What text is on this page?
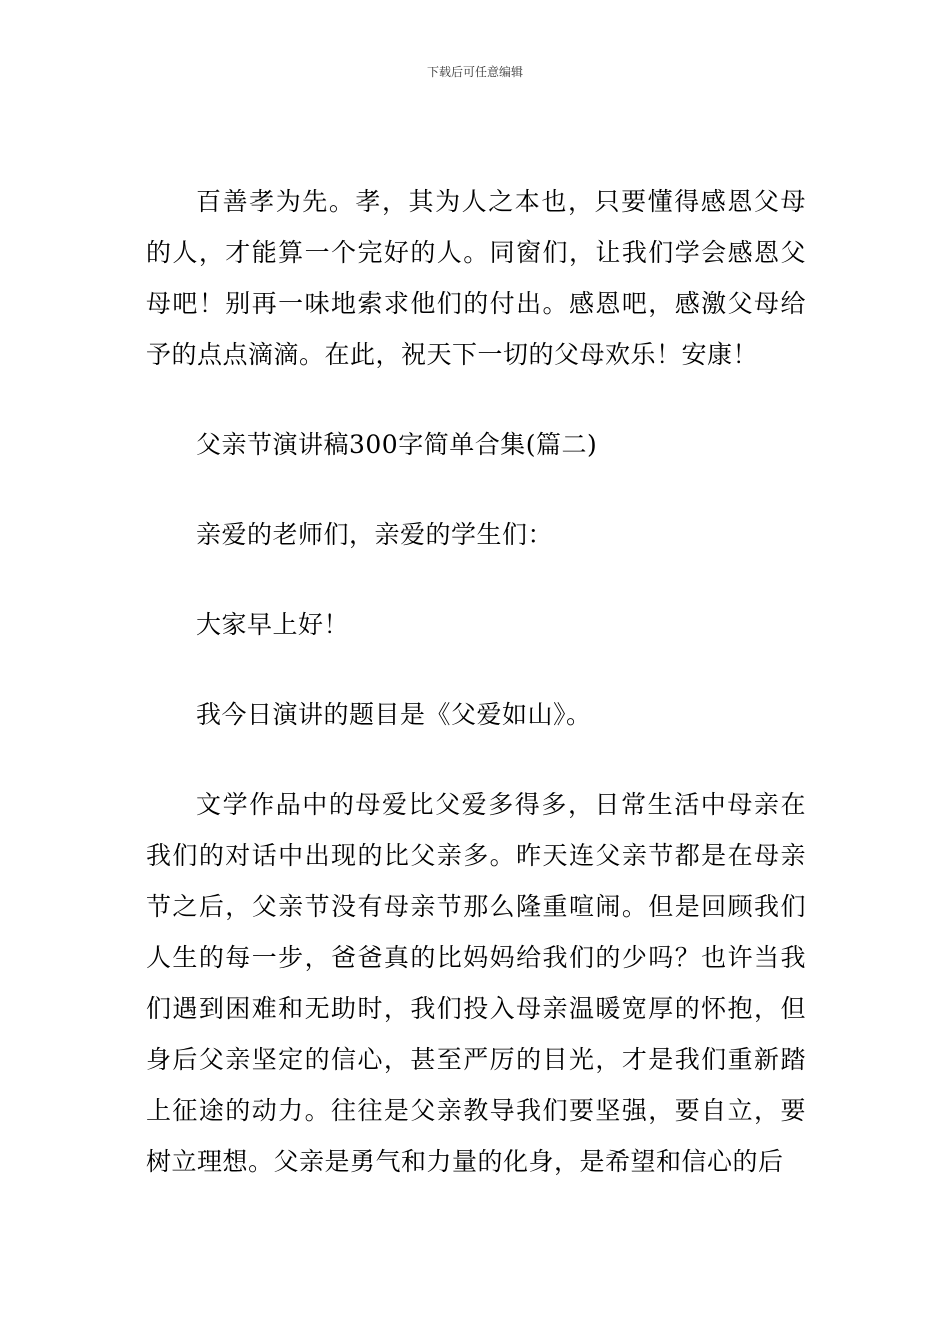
下载后可任意编辑

百善孝为先。孝，其为人之本也，只要懂得感恩父母的人，才能算一个完好的人。同窗们，让我们学会感恩父母吧！别再一味地索求他们的付出。感恩吧，感激父母给予的点点滴滴。在此，祝天下一切的父母欢乐！安康！

父亲节演讲稿300字简单合集(篇二)

亲爱的老师们，亲爱的学生们：

大家早上好！

我今日演讲的题目是《父爱如山》。

文学作品中的母爱比父爱多得多，日常生活中母亲在我们的对话中出现的比父亲多。昨天连父亲节都是在母亲节之后，父亲节没有母亲节那么隆重喧闹。但是回顾我们人生的每一步，爸爸真的比妈妈给我们的少吗？也许当我们遇到困难和无助时，我们投入母亲温暖宽厚的怀抱，但身后父亲坚定的信心，甚至严厉的目光，才是我们重新踏上征途的动力。往往是父亲教导我们要坚强，要自立，要树立理想。父亲是勇气和力量的化身，是希望和信心的后
